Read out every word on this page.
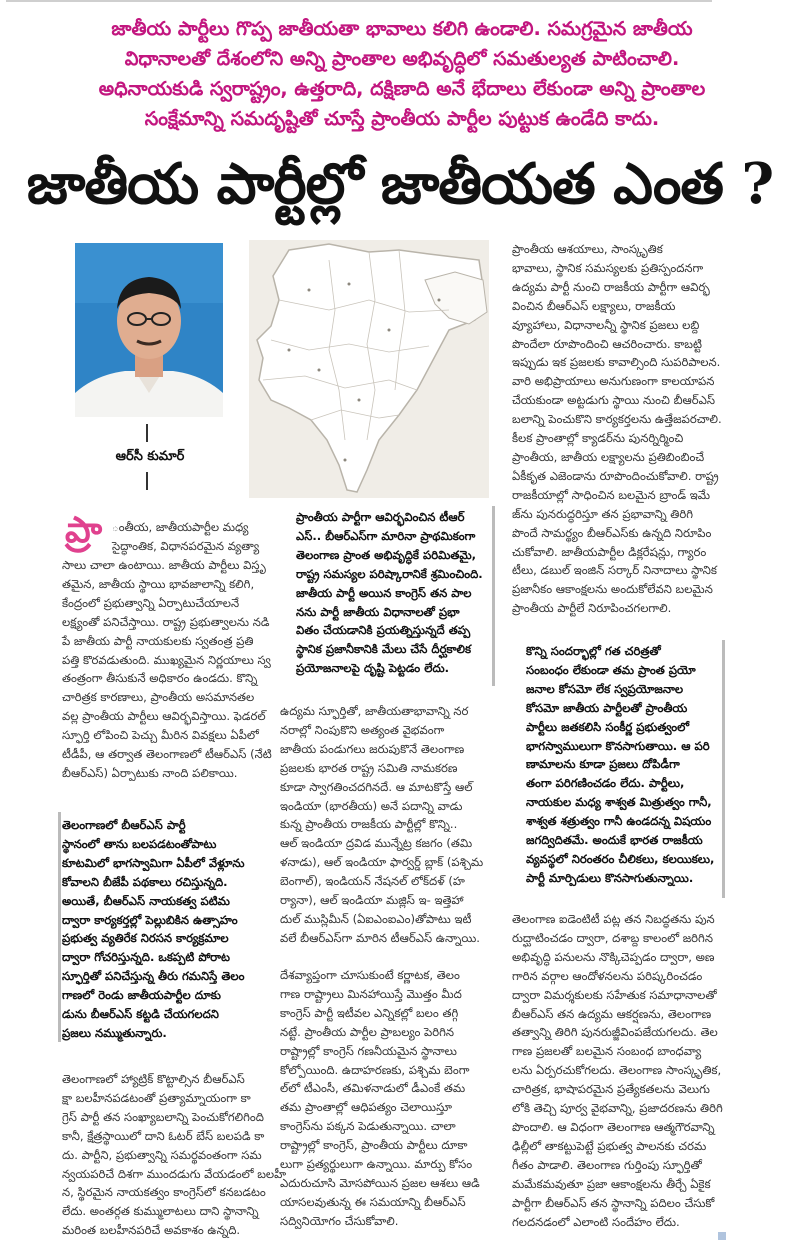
జాతీయ పార్టీలు గొప్ప జాతీయతా భావాలు కలిగి ఉండాలి. సమగ్రమైన జాతీయ
విధానాలతో దేశంలోని అన్ని ప్రాంతాల అభివృద్ధిలో సమతుల్యత పాటించాలి.
అధినాయకుడి స్వరాష్ట్రం, ఉత్తరాది, దక్షిణాది అనే భేదాలు లేకుండా అన్ని ప్రాంతాల
సంక్షేమాన్ని సమదృష్టితో చూస్తే ప్రాంతీయ పార్టీల పుట్టుక ఉండేది కాదు.
జాతీయ పార్టీల్లో జాతీయత ఎంత ?
ఆర్‌సీ కుమార్
ప్రా ంతీయ, జాతీయపార్టీల మధ్య
సైద్ధాంతిక, విధానపరమైన వ్యత్యా
సాలు చాలా ఉంటాయి. జాతీయ పార్టీలు విస్తృ
తమైన, జాతీయ స్థాయి భావజాలాన్ని కలిగి,
కేంద్రంలో ప్రభుత్వాన్ని ఏర్పాటుచేయాలనే
లక్ష్యంతో పనిచేస్తాయి. రాష్ట్ర ప్రభుత్వాలను నడి
పే జాతీయ పార్టీ నాయకులకు స్వతంత్ర ప్రతి
పత్తి కొరవడుతుంది. ముఖ్యమైన నిర్ణయాలు స్వ
తంత్రంగా తీసుకునే అధికారం ఉండదు. కొన్ని
చారిత్రక కారణాలు, ప్రాంతీయ అసమానతల
వల్ల ప్రాంతీయ పార్టీలు ఆవిర్భవిస్తాయి. ఫెడరల్
స్ఫూర్తి లోపించి పెచ్చు మీరిన వివక్షలు ఏపీలో
టీడీపీ, ఆ తర్వాత తెలంగాణలో టీఆర్‌ఎస్ (నేటి
బీఆర్‌ఎస్) ఏర్పాటుకు నాంది పలికాయి.
తెలంగాణలో బీఆర్‌ఎస్ పార్టీ
స్థానంలో తాను బలపడటంతోపాటు
కూటమిలో భాగస్వామిగా ఏపీలో వేళ్లూను
కోవాలని బీజేపీ పథకాలు రచిస్తున్నది.
అయితే, బీఆర్‌ఎస్ నాయకత్వ పటిమ
ద్వారా కార్యకర్తల్లో పెల్లుబికిన ఉత్సాహం
ప్రభుత్వ వ్యతిరేక నిరసన కార్యక్రమాల
ద్వారా గోచరిస్తున్నది. ఒకప్పటి పోరాట
స్ఫూర్తితో పనిచేస్తున్న తీరు గమనిస్తే తెలం
గాణలో రెండు జాతీయపార్టీల దూకు
డును బీఆర్‌ఎస్ కట్టడి చేయగలదని
ప్రజలు నమ్ముతున్నారు.
తెలంగాణలో హ్యాట్రిక్ కొట్టాల్సిన బీఆర్‌ఎస్
క్షా బలహీనపడటంతో ప్రత్యామ్నాయంగా కా
గ్రెస్ పార్టీ తన సంఖ్యాబలాన్ని పెంచుకోగలిగింది
కానీ, క్షేత్రస్థాయిలో దాని ఓటర్ బేస్ బలపడి కా
దు. పార్టీని, ప్రభుత్వాన్ని సమర్థవంతంగా సమ
న్వయపరిచే దిశగా ముందడుగు వేయడంలో బలహీ
న, స్థిరమైన నాయకత్వం కాంగ్రెస్‌లో కనబడటం
లేదు. అంతర్గత కుమ్ములాటలు దాని స్థానాన్ని
మరింత బలహీనపరిచే అవకాశం ఉన్నది.
ప్రాంతీయ పార్టీగా ఆవిర్భవించిన టీఆర్
ఎస్.. బీఆర్‌ఎస్‌గా మారినా ప్రాథమికంగా
తెలంగాణ ప్రాంత అభివృద్ధికే పరిమితమై,
రాష్ట్ర సమస్యల పరిష్కారానికే శ్రమించింది.
జాతీయ పార్టీ అయిన కాంగ్రెస్ తన పాల
నను పార్టీ జాతీయ విధానాలతో ప్రభా
వితం చేయడానికి ప్రయత్నిస్తున్నదే తప్ప
స్థానిక ప్రజానీకానికి మేలు చేసే దీర్ఘకాలిక
ప్రయోజనాలపై దృష్టి పెట్టడం లేదు.
ఉద్యమ స్ఫూర్తితో, జాతీయతాభావాన్ని నర
నరాల్లో నింపుకొని అత్యంత వైభవంగా
జాతీయ పండుగలు జరుపుకొనే తెలంగాణ
ప్రజలకు భారత రాష్ట్ర సమితి నామకరణ
కూడా స్వాగతించదగినదే. ఆ మాటకొస్తే ఆల్
ఇండియా (భారతీయ) అనే పదాన్ని వాడు
కున్న ప్రాంతీయ రాజకీయ పార్టీల్లో కొన్ని..
ఆల్ ఇండియా ద్రవిడ మున్నేట్ర కజగం (తమి
ళనాడు), ఆల్ ఇండియా ఫార్వర్డ్ బ్లాక్ (పశ్చిమ
బెంగాల్), ఇండియన్ నేషనల్ లోక్‌దళ్ (హ
ర్యానా), ఆల్ ఇండియా మజ్లిస్ ఇ- ఇత్తెహా
దుల్ ముస్లిమీన్ (ఏఐఎంఐఎం)తోపాటు ఇటీ
వలే బీఆర్‌ఎస్‌గా మారిన టీఆర్‌ఎస్ ఉన్నాయి.
దేశవ్యాప్తంగా చూసుకుంటే కర్ణాటక, తెలం
గాణ రాష్ట్రాలు మినహాయిస్తే మొత్తం మీద
కాంగ్రెస్ పార్టీ ఇటీవల ఎన్నికల్లో బలం తగ్గి
నట్టే. ప్రాంతీయ పార్టీల ప్రాబల్యం పెరిగిన
రాష్ట్రాల్లో కాంగ్రెస్ గణనీయమైన స్థానాలు
కోల్పోయింది. ఉదాహరణకు, పశ్చిమ బెంగా
ల్‌లో టీఎంసీ, తమిళనాడులో డీఎంకే తమ
తమ ప్రాంతాల్లో ఆధిపత్యం చెలాయిస్తూ
కాంగ్రెస్‌ను పక్కన పెడుతున్నాయి. చాలా
రాష్ట్రాల్లో కాంగ్రెస్, ప్రాంతీయ పార్టీలు దూకా
లుగా ప్రత్యర్థులుగా ఉన్నాయి. మార్పు కోసం
ఎదురుచూసి మోసపోయిన ప్రజల ఆశలు ఆడి
యాసలవుతున్న ఈ సమయాన్ని బీఆర్‌ఎస్
సద్వినియోగం చేసుకోవాలి.
ప్రాంతీయ ఆశయాలు, సాంస్కృతిక
భావాలు, స్థానిక సమస్యలకు ప్రతిస్పందనగా
ఉద్యమ పార్టీ నుంచి రాజకీయ పార్టీగా ఆవిర్భ
వించిన బీఆర్‌ఎస్ లక్ష్యాలు, రాజకీయ
వ్యూహాలు, విధానాలన్నీ స్థానిక ప్రజలు లబ్ది
పొందేలా రూపొందించి ఆచరించారు. కాబట్టి
ఇప్పుడు ఇక ప్రజలకు కావాల్సింది సుపరిపాలన.
వారి అభిప్రాయాలు అనుగుణంగా కాలయాపన
చేయకుండా అట్టడుగు స్థాయి నుంచి బీఆర్‌ఎస్
బలాన్ని పెంచుకొని కార్యకర్తలను ఉత్తేజపరచాలి.
కీలక ప్రాంతాల్లో క్యాడర్‌ను పునర్నిర్మించి
ప్రాంతీయ, జాతీయ లక్ష్యాలను ప్రతిబింబించే
ఏకీకృత ఎజెండాను రూపొందించుకోవాలి. రాష్ట్ర
రాజకీయాల్లో సాధించిన బలమైన బ్రాండ్ ఇమే
జ్‌ను పునరుద్ధరిస్తూ తన ప్రభావాన్ని తిరిగి
పొందే సామర్థ్యం బీఆర్‌ఎస్‌కు ఉన్నది నిరూపిం
చుకోవాలి. జాతీయపార్టీల డిక్లరేషన్లు, గ్యారం
టీలు, డబుల్ ఇంజిన్ సర్కార్ నినాదాలు స్థానిక
ప్రజానీకం ఆకాంక్షలను అందుకోలేవని బలమైన
ప్రాంతీయ పార్టీలే నిరూపించగలగాలి.
కొన్ని సందర్భాల్లో గత చరిత్రతో
సంబంధం లేకుండా తమ ప్రాంత ప్రయో
జనాల కోసమో లేక స్వప్రయోజనాల
కోసమో జాతీయ పార్టీలతో ప్రాంతీయ
పార్టీలు జతకలిసి సంకీర్ణ ప్రభుత్వంలో
భాగస్వాములుగా కొనసాగుతాయి. ఆ పరి
ణామాలను కూడా ప్రజలు దోపిడీగా
తంగా పరిగణించడం లేదు. పార్టీలు,
నాయకుల మధ్య శాశ్వత మిత్రుత్వం గానీ,
శాశ్వత శత్రుత్వం గానీ ఉండదన్న విషయం
జగద్విదితమే. అందుకే భారత రాజకీయ
వ్యవస్థలో నిరంతరం చీలికలు, కలయికలు,
పార్టీ మార్పిడులు కొనసాగుతున్నాయి.
తెలంగాణ ఐడెంటిటీ పట్ల తన నిబద్ధతను పున
రుద్ఘాటించడం ద్వారా, దశాబ్ద కాలంలో జరిగిన
అభివృద్ధి పనులను నొక్కిచెప్పడం ద్వారా, అణ
గారిన వర్గాల ఆందోళనలను పరిష్కరించడం
ద్వారా విమర్శకులకు సహేతుక సమాధానాలతో
బీఆర్‌ఎస్ తన ఉద్యమ ఆకర్షణను, తెలంగాణ
తత్వాన్ని తిరిగి పునరుజ్జీవింపజేయగలదు. తెల
గాణ ప్రజలతో బలమైన సంబంధ బాంధవ్యా
లను ఏర్పరచుకోగలదు. తెలంగాణ సాంస్కృతిక,
చారిత్రక, భాషాపరమైన ప్రత్యేకతలను వెలుగు
లోకి తెచ్చి పూర్వ వైభవాన్ని, ప్రజాదరణను తిరిగి
పొందాలి. ఆ విధంగా తెలంగాణ ఆత్మగౌరవాన్ని
ఢిల్లీలో తాకట్టుపెట్టే ప్రభుత్వ పాలనకు చరమ
గీతం పాడాలి. తెలంగాణ గుర్తింపు స్ఫూర్తితో
మమేకమవుతూ ప్రజా ఆకాంక్షలను తీర్చే ఏకైక
పార్టీగా బీఆర్‌ఎస్ తన స్థానాన్ని పదిలం చేసుకో
గలదనడంలో ఎలాంటి సందేహం లేదు.
